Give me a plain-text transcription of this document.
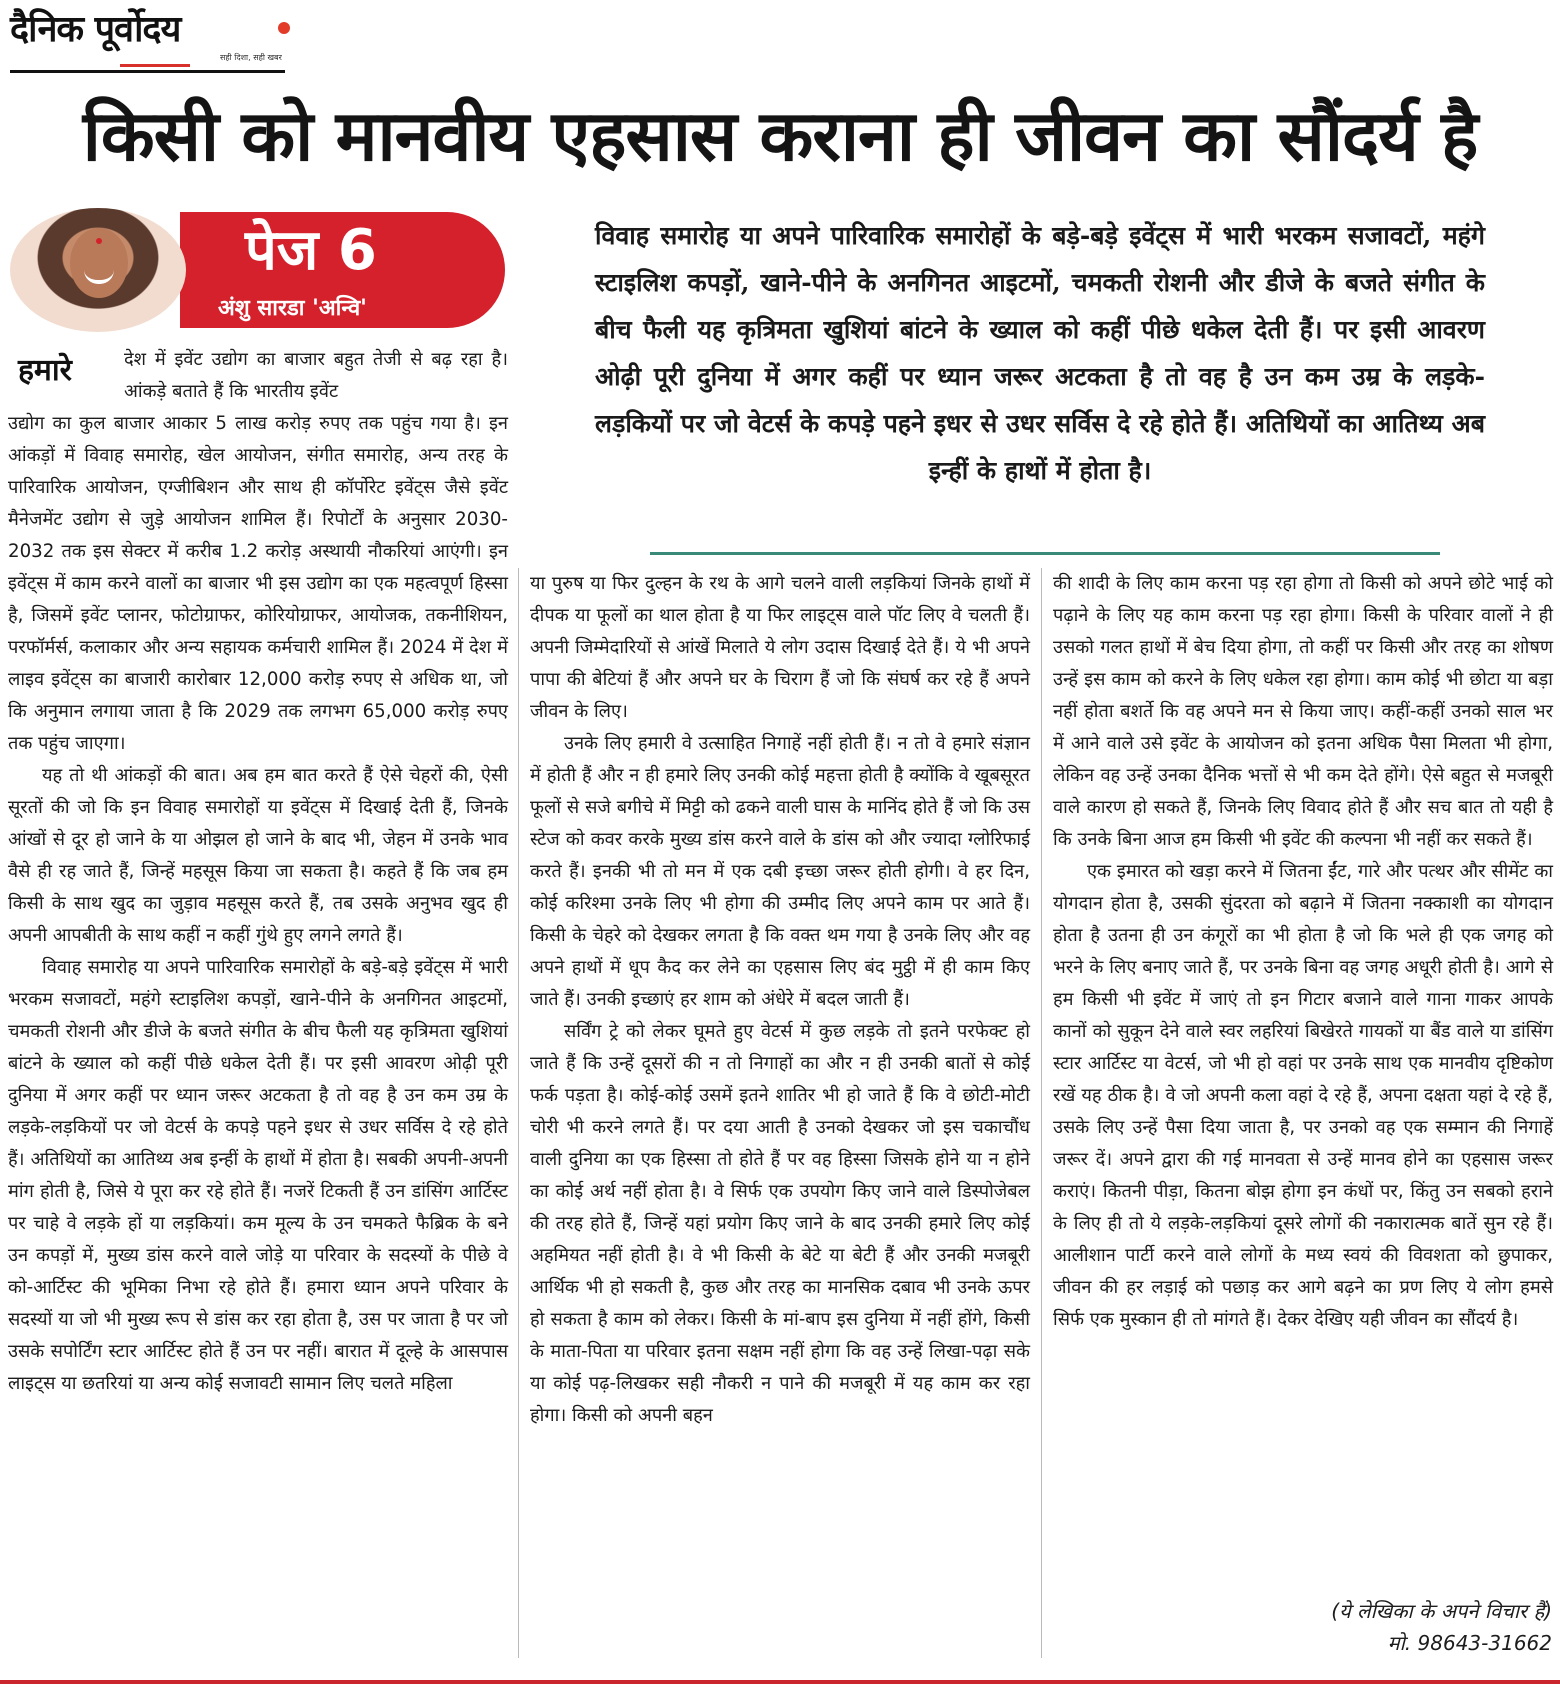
दैनिक पूर्वोदय
सही दिशा, सही खबर
किसी को मानवीय एहसास कराना ही जीवन का सौंदर्य है
पेज 6
अंशु सारडा 'अन्वि'
विवाह समारोह या अपने पारिवारिक समारोहों के बड़े-बड़े इवेंट्स में भारी भरकम सजावटों, महंगे स्टाइलिश कपड़ों, खाने-पीने के अनगिनत आइटमों, चमकती रोशनी और डीजे के बजते संगीत के बीच फैली यह कृत्रिमता खुशियां बांटने के ख्याल को कहीं पीछे धकेल देती हैं। पर इसी आवरण ओढ़ी पूरी दुनिया में अगर कहीं पर ध्यान जरूर अटकता है तो वह है उन कम उम्र के लड़के-लड़कियों पर जो वेटर्स के कपड़े पहने इधर से उधर सर्विस दे रहे होते हैं। अतिथियों का आतिथ्य अब इन्हीं के हाथों में होता है।
हमारे	देश में इवेंट उद्योग का बाजार बहुत तेजी से बढ़ रहा है। आंकड़े बताते हैं कि भारतीय इवेंट

उद्योग का कुल बाजार आकार 5 लाख करोड़ रुपए तक पहुंच गया है। इन आंकड़ों में विवाह समारोह, खेल आयोजन, संगीत समारोह, अन्य तरह के पारिवारिक आयोजन, एग्जीबिशन और साथ ही कॉर्पोरेट इवेंट्स जैसे इवेंट मैनेजमेंट उद्योग से जुड़े आयोजन शामिल हैं। रिपोर्टों के अनुसार 2030-2032 तक इस सेक्टर में करीब 1.2 करोड़ अस्थायी नौकरियां आएंगी। इन इवेंट्स में काम करने वालों का बाजार भी इस उद्योग का एक महत्वपूर्ण हिस्सा है, जिसमें इवेंट प्लानर, फोटोग्राफर, कोरियोग्राफर, आयोजक, तकनीशियन, परफॉर्मर्स, कलाकार और अन्य सहायक कर्मचारी शामिल हैं। 2024 में देश में लाइव इवेंट्स का बाजारी कारोबार 12,000 करोड़ रुपए से अधिक था, जो कि अनुमान लगाया जाता है कि 2029 तक लगभग 65,000 करोड़ रुपए तक पहुंच जाएगा।

यह तो थी आंकड़ों की बात। अब हम बात करते हैं ऐसे चेहरों की, ऐसी सूरतों की जो कि इन विवाह समारोहों या इवेंट्स में दिखाई देती हैं, जिनके आंखों से दूर हो जाने के या ओझल हो जाने के बाद भी, जेहन में उनके भाव वैसे ही रह जाते हैं, जिन्हें महसूस किया जा सकता है। कहते हैं कि जब हम किसी के साथ खुद का जुड़ाव महसूस करते हैं, तब उसके अनुभव खुद ही अपनी आपबीती के साथ कहीं न कहीं गुंथे हुए लगने लगते हैं।

विवाह समारोह या अपने पारिवारिक समारोहों के बड़े-बड़े इवेंट्स में भारी भरकम सजावटों, महंगे स्टाइलिश कपड़ों, खाने-पीने के अनगिनत आइटमों, चमकती रोशनी और डीजे के बजते संगीत के बीच फैली यह कृत्रिमता खुशियां बांटने के ख्याल को कहीं पीछे धकेल देती हैं। पर इसी आवरण ओढ़ी पूरी दुनिया में अगर कहीं पर ध्यान जरूर अटकता है तो वह है उन कम उम्र के लड़के-लड़कियों पर जो वेटर्स के कपड़े पहने इधर से उधर सर्विस दे रहे होते हैं। अतिथियों का आतिथ्य अब इन्हीं के हाथों में होता है। सबकी अपनी-अपनी मांग होती है, जिसे ये पूरा कर रहे होते हैं। नजरें टिकती हैं उन डांसिंग आर्टिस्ट पर चाहे वे लड़के हों या लड़कियां। कम मूल्य के उन चमकते फैब्रिक के बने उन कपड़ों में, मुख्य डांस करने वाले जोड़े या परिवार के सदस्यों के पीछे वे को-आर्टिस्ट की भूमिका निभा रहे होते हैं। हमारा ध्यान अपने परिवार के सदस्यों या जो भी मुख्य रूप से डांस कर रहा होता है, उस पर जाता है पर जो उसके सपोर्टिंग स्टार आर्टिस्ट होते हैं उन पर नहीं। बारात में दूल्हे के आसपास लाइट्स या छतरियां या अन्य कोई सजावटी सामान लिए चलते महिला

या पुरुष या फिर दुल्हन के रथ के आगे चलने वाली लड़कियां जिनके हाथों में दीपक या फूलों का थाल होता है या फिर लाइट्स वाले पॉट लिए वे चलती हैं। अपनी जिम्मेदारियों से आंखें मिलाते ये लोग उदास दिखाई देते हैं। ये भी अपने पापा की बेटियां हैं और अपने घर के चिराग हैं जो कि संघर्ष कर रहे हैं अपने जीवन के लिए।

उनके लिए हमारी वे उत्साहित निगाहें नहीं होती हैं। न तो वे हमारे संज्ञान में होती हैं और न ही हमारे लिए उनकी कोई महत्ता होती है क्योंकि वे खूबसूरत फूलों से सजे बगीचे में मिट्टी को ढकने वाली घास के मानिंद होते हैं जो कि उस स्टेज को कवर करके मुख्य डांस करने वाले के डांस को और ज्यादा ग्लोरिफाई करते हैं। इनकी भी तो मन में एक दबी इच्छा जरूर होती होगी। वे हर दिन, कोई करिश्मा उनके लिए भी होगा की उम्मीद लिए अपने काम पर आते हैं। किसी के चेहरे को देखकर लगता है कि वक्त थम गया है उनके लिए और वह अपने हाथों में धूप कैद कर लेने का एहसास लिए बंद मुट्ठी में ही काम किए जाते हैं। उनकी इच्छाएं हर शाम को अंधेरे में बदल जाती हैं।

सर्विंग ट्रे को लेकर घूमते हुए वेटर्स में कुछ लड़के तो इतने परफेक्ट हो जाते हैं कि उन्हें दूसरों की न तो निगाहों का और न ही उनकी बातों से कोई फर्क पड़ता है। कोई-कोई उसमें इतने शातिर भी हो जाते हैं कि वे छोटी-मोटी चोरी भी करने लगते हैं। पर दया आती है उनको देखकर जो इस चकाचौंध वाली दुनिया का एक हिस्सा तो होते हैं पर वह हिस्सा जिसके होने या न होने का कोई अर्थ नहीं होता है। वे सिर्फ एक उपयोग किए जाने वाले डिस्पोजेबल की तरह होते हैं, जिन्हें यहां प्रयोग किए जाने के बाद उनकी हमारे लिए कोई अहमियत नहीं होती है। वे भी किसी के बेटे या बेटी हैं और उनकी मजबूरी आर्थिक भी हो सकती है, कुछ और तरह का मानसिक दबाव भी उनके ऊपर हो सकता है काम को लेकर। किसी के मां-बाप इस दुनिया में नहीं होंगे, किसी के माता-पिता या परिवार इतना सक्षम नहीं होगा कि वह उन्हें लिखा-पढ़ा सके या कोई पढ़-लिखकर सही नौकरी न पाने की मजबूरी में यह काम कर रहा होगा। किसी को अपनी बहन

की शादी के लिए काम करना पड़ रहा होगा तो किसी को अपने छोटे भाई को पढ़ाने के लिए यह काम करना पड़ रहा होगा। किसी के परिवार वालों ने ही उसको गलत हाथों में बेच दिया होगा, तो कहीं पर किसी और तरह का शोषण उन्हें इस काम को करने के लिए धकेल रहा होगा। काम कोई भी छोटा या बड़ा नहीं होता बशर्ते कि वह अपने मन से किया जाए। कहीं-कहीं उनको साल भर में आने वाले उसे इवेंट के आयोजन को इतना अधिक पैसा मिलता भी होगा, लेकिन वह उन्हें उनका दैनिक भत्तों से भी कम देते होंगे। ऐसे बहुत से मजबूरी वाले कारण हो सकते हैं, जिनके लिए विवाद होते हैं और सच बात तो यही है कि उनके बिना आज हम किसी भी इवेंट की कल्पना भी नहीं कर सकते हैं।

एक इमारत को खड़ा करने में जितना ईंट, गारे और पत्थर और सीमेंट का योगदान होता है, उसकी सुंदरता को बढ़ाने में जितना नक्काशी का योगदान होता है उतना ही उन कंगूरों का भी होता है जो कि भले ही एक जगह को भरने के लिए बनाए जाते हैं, पर उनके बिना वह जगह अधूरी होती है। आगे से हम किसी भी इवेंट में जाएं तो इन गिटार बजाने वाले गाना गाकर आपके कानों को सुकून देने वाले स्वर लहरियां बिखेरते गायकों या बैंड वाले या डांसिंग स्टार आर्टिस्ट या वेटर्स, जो भी हो वहां पर उनके साथ एक मानवीय दृष्टिकोण रखें यह ठीक है। वे जो अपनी कला वहां दे रहे हैं, अपना दक्षता यहां दे रहे हैं, उसके लिए उन्हें पैसा दिया जाता है, पर उनको वह एक सम्मान की निगाहें जरूर दें। अपने द्वारा की गई मानवता से उन्हें मानव होने का एहसास जरूर कराएं। कितनी पीड़ा, कितना बोझ होगा इन कंधों पर, किंतु उन सबको हराने के लिए ही तो ये लड़के-लड़कियां दूसरे लोगों की नकारात्मक बातें सुन रहे हैं। आलीशान पार्टी करने वाले लोगों के मध्य स्वयं की विवशता को छुपाकर, जीवन की हर लड़ाई को पछाड़ कर आगे बढ़ने का प्रण लिए ये लोग हमसे सिर्फ एक मुस्कान ही तो मांगते हैं। देकर देखिए यही जीवन का सौंदर्य है।

(ये लेखिका के अपने विचार हैं)
मो. 98643-31662
